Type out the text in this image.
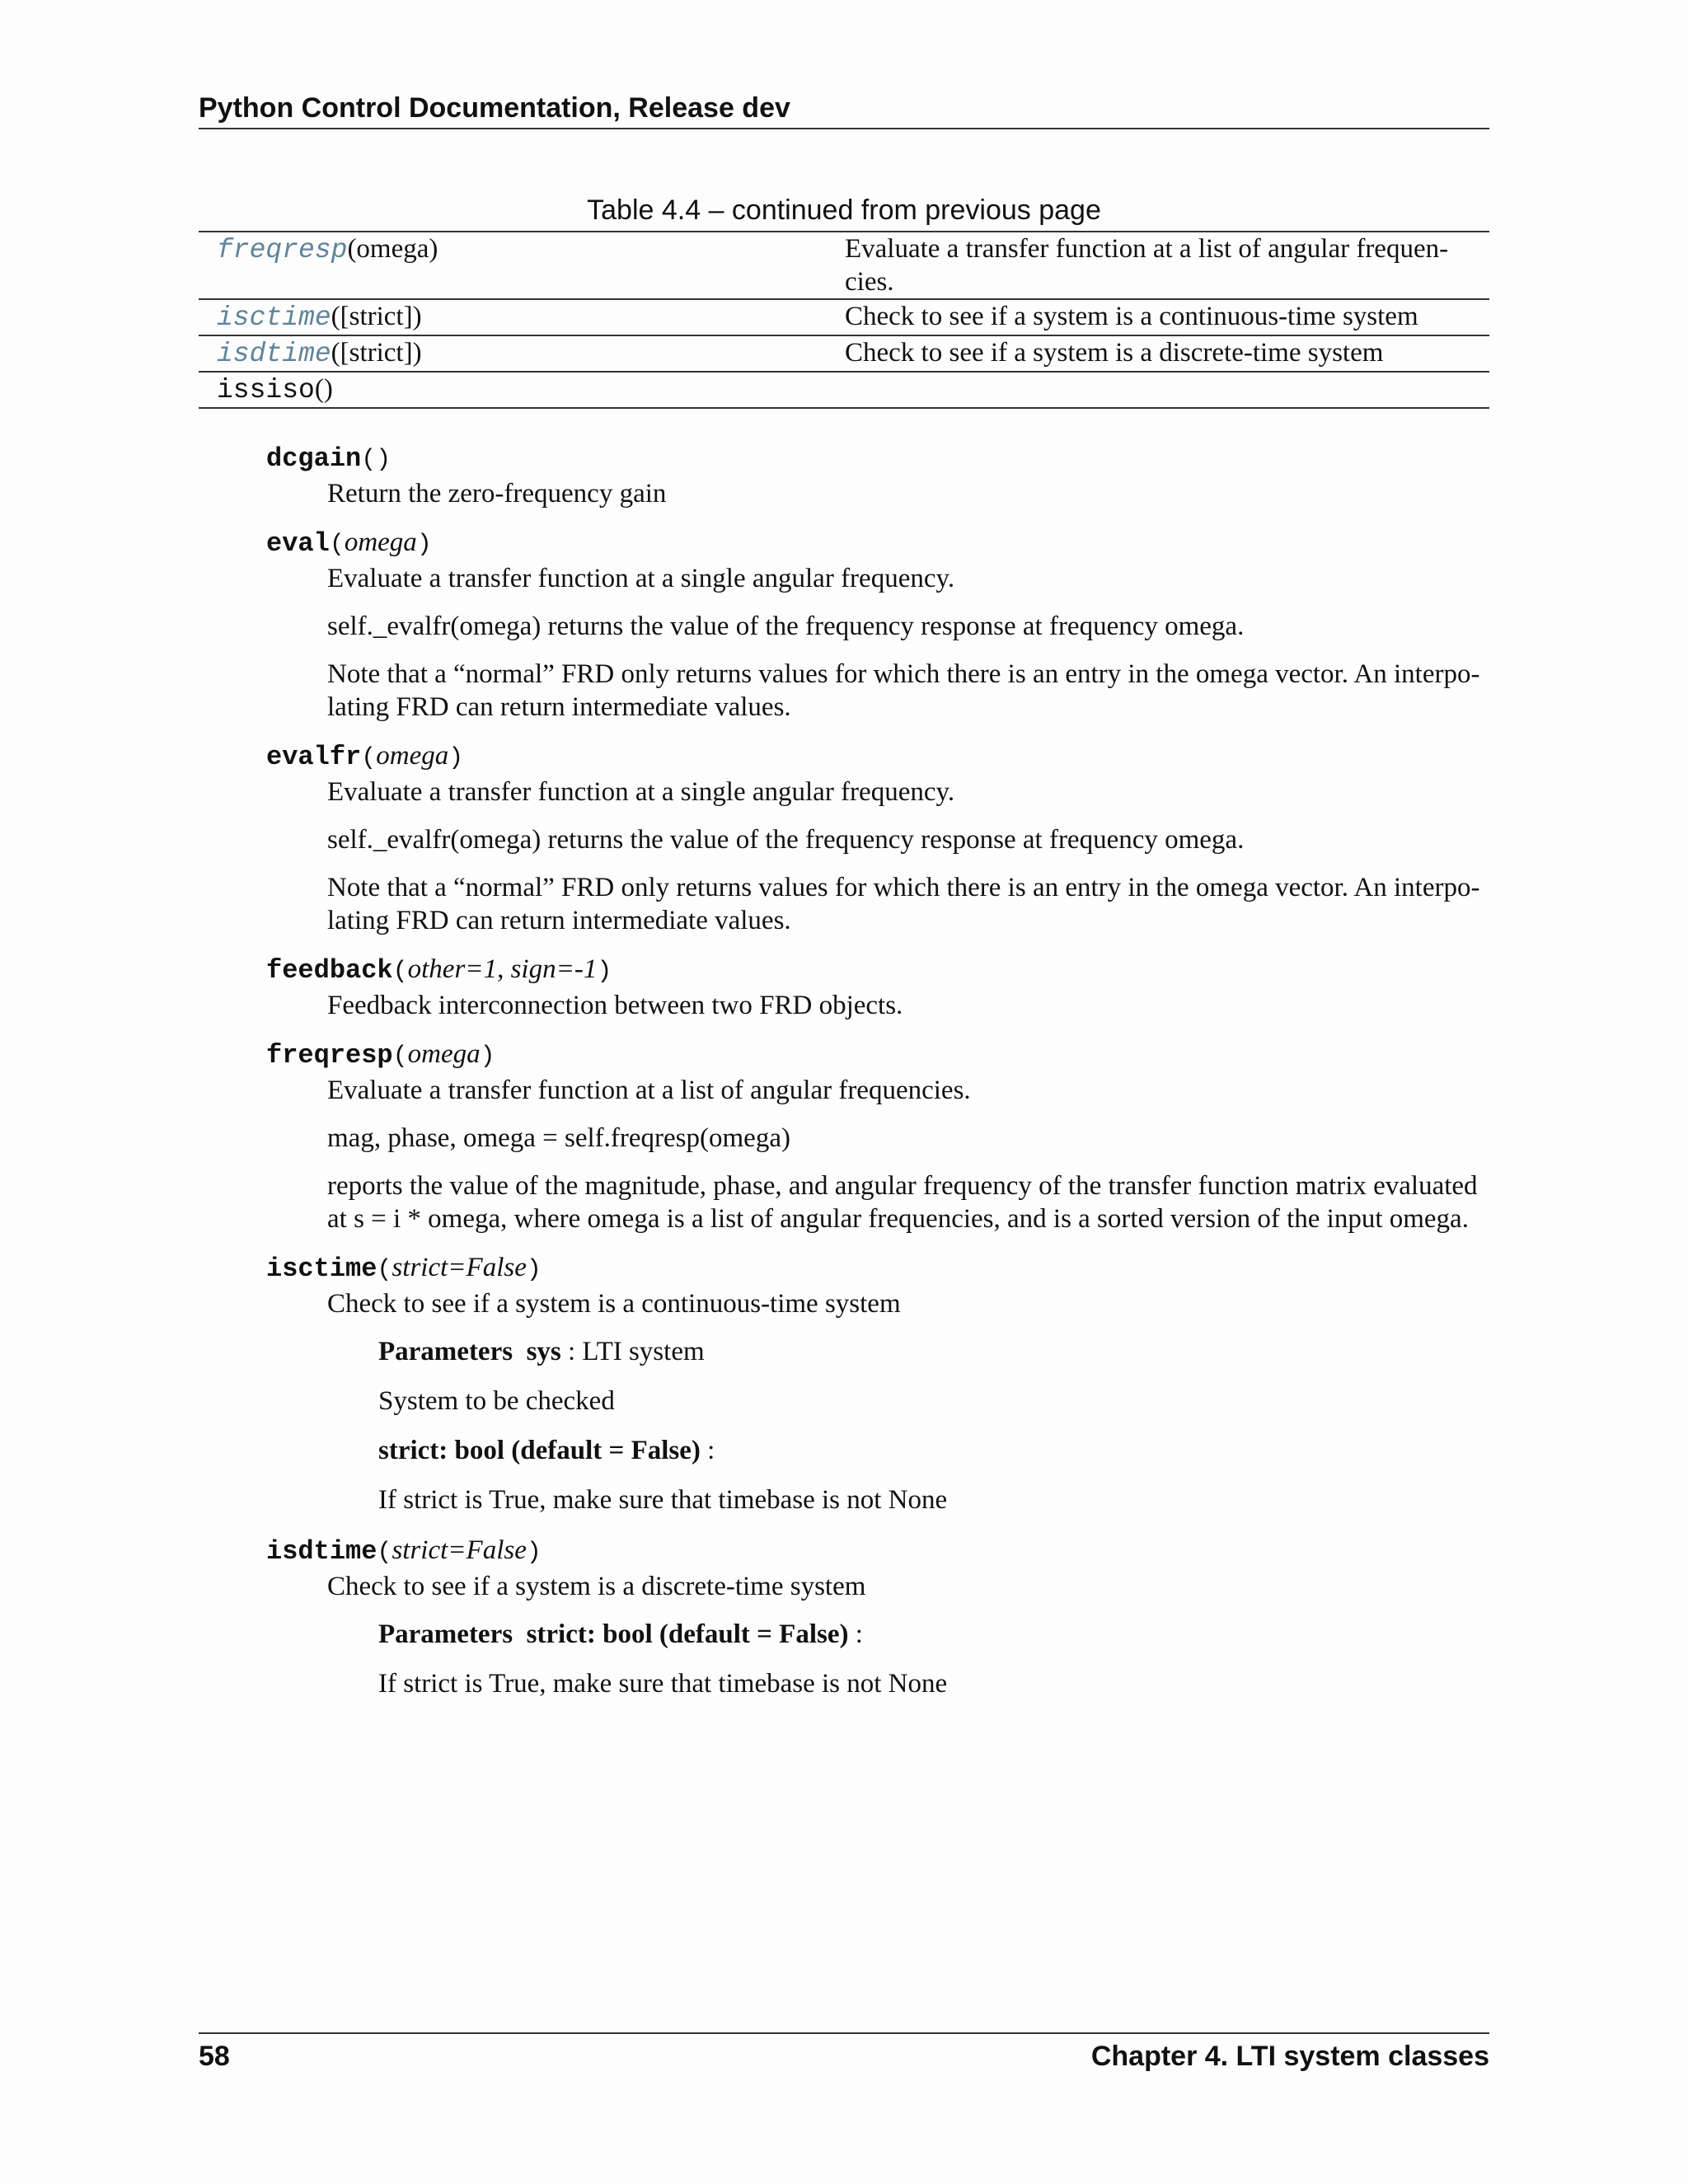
Python Control Documentation, Release dev
Table 4.4 – continued from previous page
freqresp(omega)	Evaluate a transfer function at a list of angular frequen-cies.
isctime([strict])	Check to see if a system is a continuous-time system
isdtime([strict])	Check to see if a system is a discrete-time system
issiso()	
dcgain()

Return the zero-frequency gain

eval(omega)

Evaluate a transfer function at a single angular frequency.

self._evalfr(omega) returns the value of the frequency response at frequency omega.

Note that a “normal” FRD only returns values for which there is an entry in the omega vector. An interpo-lating FRD can return intermediate values.

evalfr(omega)

Evaluate a transfer function at a single angular frequency.

self._evalfr(omega) returns the value of the frequency response at frequency omega.

Note that a “normal” FRD only returns values for which there is an entry in the omega vector. An interpo-lating FRD can return intermediate values.

feedback(other=1, sign=-1)

Feedback interconnection between two FRD objects.

freqresp(omega)

Evaluate a transfer function at a list of angular frequencies.

mag, phase, omega = self.freqresp(omega)

reports the value of the magnitude, phase, and angular frequency of the transfer function matrix evaluated at s = i * omega, where omega is a list of angular frequencies, and is a sorted version of the input omega.

isctime(strict=False)

Check to see if a system is a continuous-time system

Parameters sys : LTI system

System to be checked

strict: bool (default = False) :

If strict is True, make sure that timebase is not None

isdtime(strict=False)

Check to see if a system is a discrete-time system

Parameters strict: bool (default = False) :

If strict is True, make sure that timebase is not None

58	Chapter 4. LTI system classes
